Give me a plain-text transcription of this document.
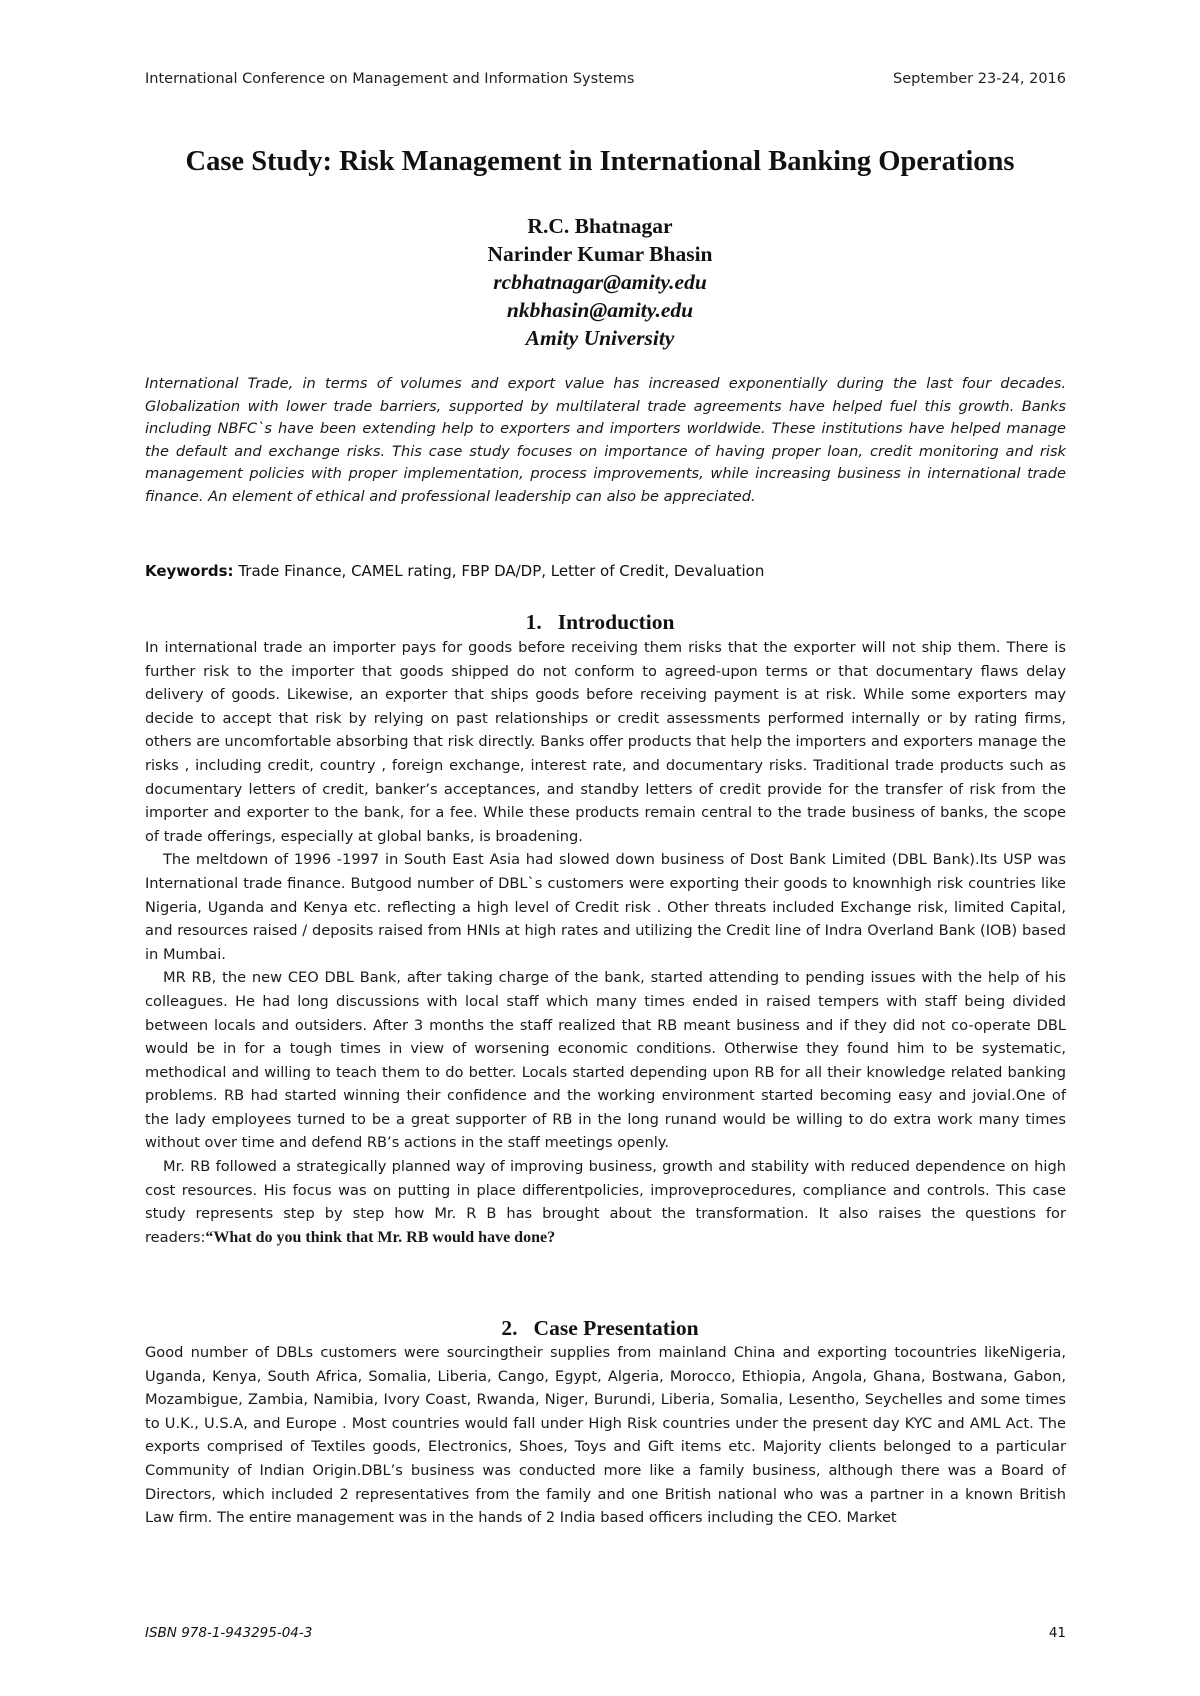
International Conference on Management and Information Systems	September 23-24, 2016
Case Study: Risk Management in International Banking Operations
R.C. Bhatnagar
Narinder Kumar Bhasin
rcbhatnagar@amity.edu
nkbhasin@amity.edu
Amity University
International Trade, in terms of volumes and export value has increased exponentially during the last four decades. Globalization with lower trade barriers, supported by multilateral trade agreements have helped fuel this growth. Banks including NBFC`s have been extending help to exporters and importers worldwide. These institutions have helped manage the default and exchange risks. This case study focuses on importance of having proper loan, credit monitoring and risk management policies with proper implementation, process improvements, while increasing business in international trade finance. An element of ethical and professional leadership can also be appreciated.
Keywords: Trade Finance, CAMEL rating, FBP DA/DP, Letter of Credit, Devaluation
1. Introduction

In international trade an importer pays for goods before receiving them risks that the exporter will not ship them. There is further risk to the importer that goods shipped do not conform to agreed-upon terms or that documentary flaws delay delivery of goods. Likewise, an exporter that ships goods before receiving payment is at risk. While some exporters may decide to accept that risk by relying on past relationships or credit assessments performed internally or by rating firms, others are uncomfortable absorbing that risk directly. Banks offer products that help the importers and exporters manage the risks , including credit, country , foreign exchange, interest rate, and documentary risks. Traditional trade products such as documentary letters of credit, banker’s acceptances, and standby letters of credit provide for the transfer of risk from the importer and exporter to the bank, for a fee. While these products remain central to the trade business of banks, the scope of trade offerings, especially at global banks, is broadening.

The meltdown of 1996 -1997 in South East Asia had slowed down business of Dost Bank Limited (DBL Bank).Its USP was International trade finance. Butgood number of DBL`s customers were exporting their goods to knownhigh risk countries like Nigeria, Uganda and Kenya etc. reflecting a high level of Credit risk . Other threats included Exchange risk, limited Capital, and resources raised / deposits raised from HNIs at high rates and utilizing the Credit line of Indra Overland Bank (IOB) based in Mumbai.

MR RB, the new CEO DBL Bank, after taking charge of the bank, started attending to pending issues with the help of his colleagues. He had long discussions with local staff which many times ended in raised tempers with staff being divided between locals and outsiders. After 3 months the staff realized that RB meant business and if they did not co-operate DBL would be in for a tough times in view of worsening economic conditions. Otherwise they found him to be systematic, methodical and willing to teach them to do better. Locals started depending upon RB for all their knowledge related banking problems. RB had started winning their confidence and the working environment started becoming easy and jovial.One of the lady employees turned to be a great supporter of RB in the long runand would be willing to do extra work many times without over time and defend RB’s actions in the staff meetings openly.

Mr. RB followed a strategically planned way of improving business, growth and stability with reduced dependence on high cost resources. His focus was on putting in place differentpolicies, improveprocedures, compliance and controls. This case study represents step by step how Mr. R B has brought about the transformation. It also raises the questions for readers:“What do you think that Mr. RB would have done?

2. Case Presentation

Good number of DBLs customers were sourcingtheir supplies from mainland China and exporting tocountries likeNigeria, Uganda, Kenya, South Africa, Somalia, Liberia, Cango, Egypt, Algeria, Morocco, Ethiopia, Angola, Ghana, Bostwana, Gabon, Mozambigue, Zambia, Namibia, Ivory Coast, Rwanda, Niger, Burundi, Liberia, Somalia, Lesentho, Seychelles and some times to U.K., U.S.A, and Europe . Most countries would fall under High Risk countries under the present day KYC and AML Act. The exports comprised of Textiles goods, Electronics, Shoes, Toys and Gift items etc. Majority clients belonged to a particular Community of Indian Origin.DBL’s business was conducted more like a family business, although there was a Board of Directors, which included 2 representatives from the family and one British national who was a partner in a known British Law firm. The entire management was in the hands of 2 India based officers including the CEO. Market

ISBN 978-1-943295-04-3	41
